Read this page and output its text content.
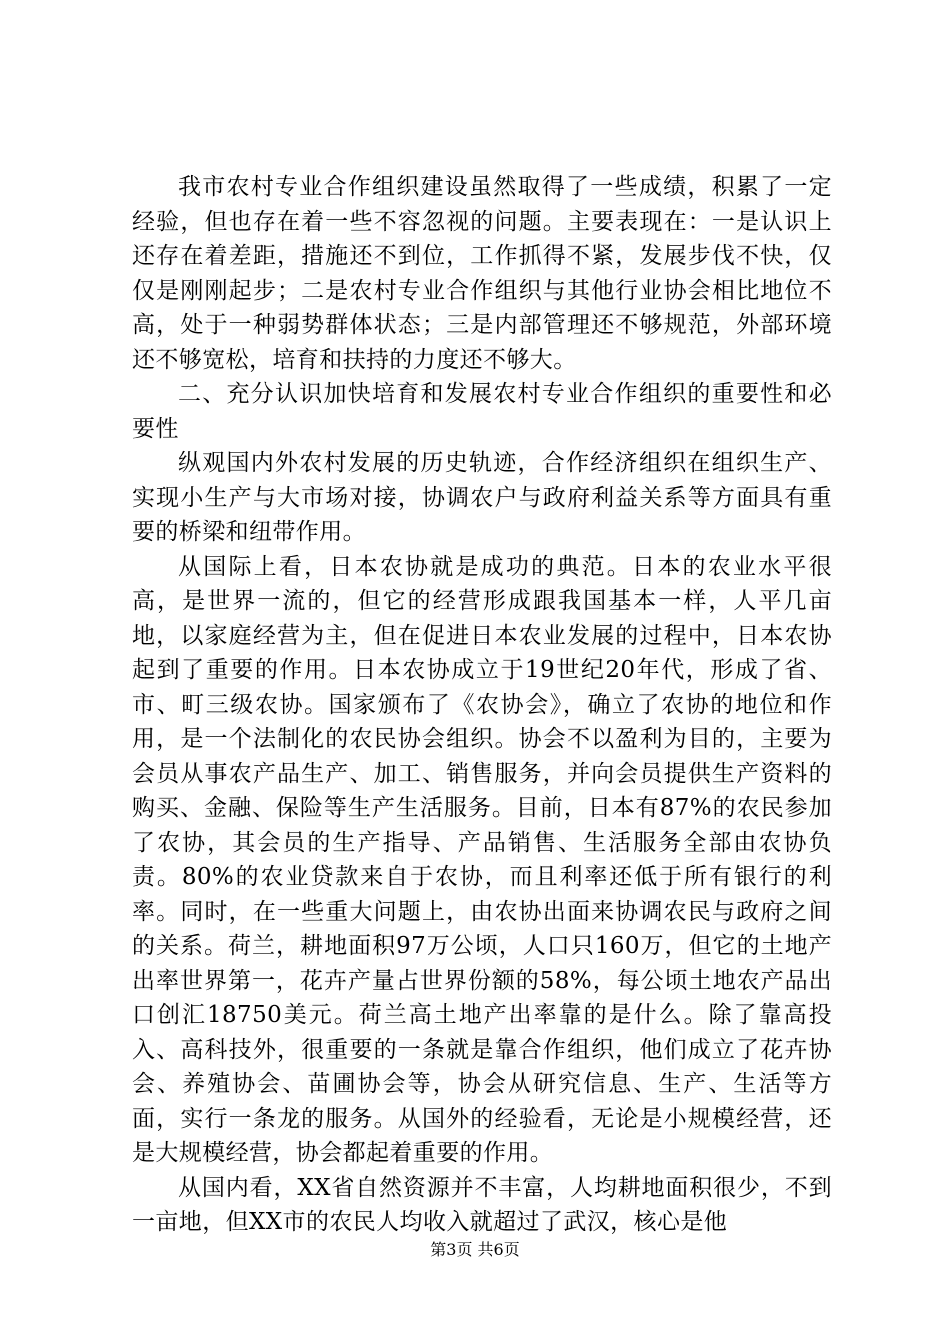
我市农村专业合作组织建设虽然取得了一些成绩，积累了一定经验，但也存在着一些不容忽视的问题。主要表现在：一是认识上还存在着差距，措施还不到位，工作抓得不紧，发展步伐不快，仅仅是刚刚起步；二是农村专业合作组织与其他行业协会相比地位不高，处于一种弱势群体状态；三是内部管理还不够规范，外部环境还不够宽松，培育和扶持的力度还不够大。

二、充分认识加快培育和发展农村专业合作组织的重要性和必要性

纵观国内外农村发展的历史轨迹，合作经济组织在组织生产、实现小生产与大市场对接，协调农户与政府利益关系等方面具有重要的桥梁和纽带作用。

从国际上看，日本农协就是成功的典范。日本的农业水平很高，是世界一流的，但它的经营形成跟我国基本一样，人平几亩地，以家庭经营为主，但在促进日本农业发展的过程中，日本农协起到了重要的作用。日本农协成立于19世纪20年代，形成了省、市、町三级农协。国家颁布了《农协会》，确立了农协的地位和作用，是一个法制化的农民协会组织。协会不以盈利为目的，主要为会员从事农产品生产、加工、销售服务，并向会员提供生产资料的购买、金融、保险等生产生活服务。目前，日本有87%的农民参加了农协，其会员的生产指导、产品销售、生活服务全部由农协负责。80%的农业贷款来自于农协，而且利率还低于所有银行的利率。同时，在一些重大问题上，由农协出面来协调农民与政府之间的关系。荷兰，耕地面积97万公顷，人口只160万，但它的土地产出率世界第一，花卉产量占世界份额的58%，每公顷土地农产品出口创汇18750美元。荷兰高土地产出率靠的是什么。除了靠高投入、高科技外，很重要的一条就是靠合作组织，他们成立了花卉协会、养殖协会、苗圃协会等，协会从研究信息、生产、生活等方面，实行一条龙的服务。从国外的经验看，无论是小规模经营，还是大规模经营，协会都起着重要的作用。

从国内看，XX省自然资源并不丰富，人均耕地面积很少，不到一亩地，但XX市的农民人均收入就超过了武汉，核心是他

第3页 共6页
